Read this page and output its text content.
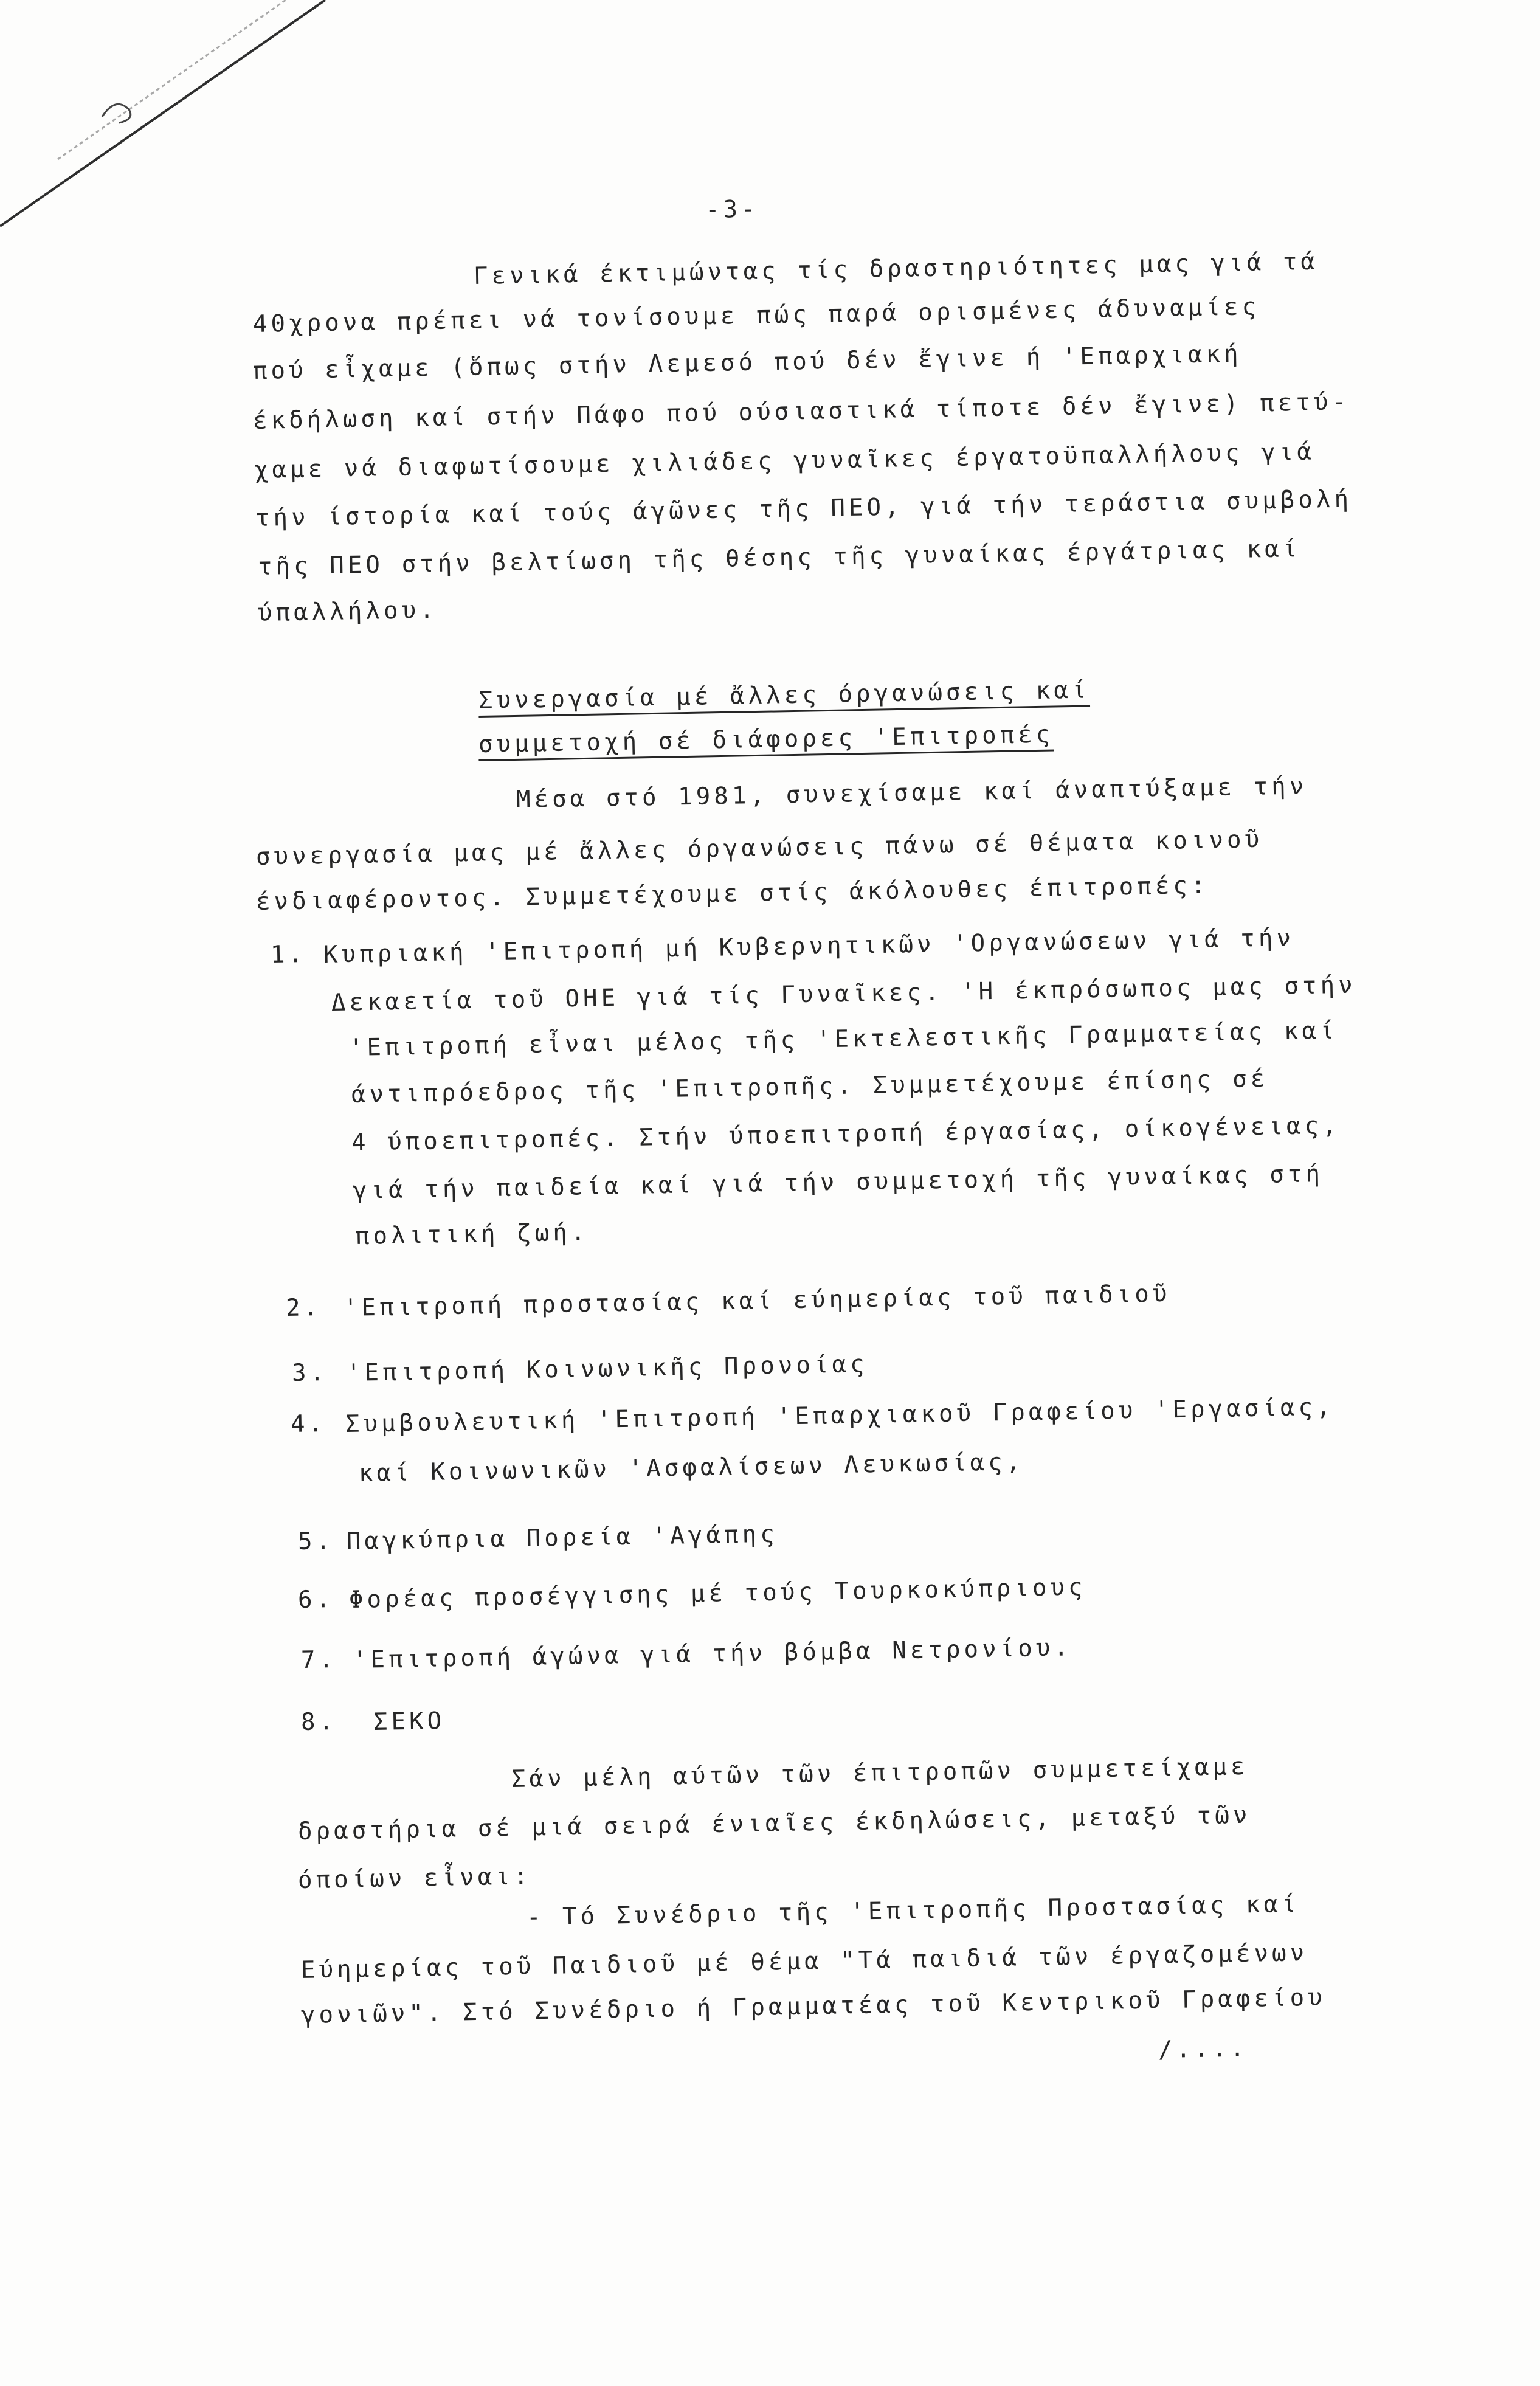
-3-
Γενικά έκτιμώντας τίς δραστηριότητες μας γιά τά
40χρονα πρέπει νά τονίσουμε πώς παρά ορισμένες άδυναμίες
πού εἶχαμε (ὅπως στήν Λεμεσό πού δέν ἔγινε ή 'Επαρχιακή
έκδήλωση καί στήν Πάφο πού ούσιαστικά τίποτε δέν ἔγινε) πετύ-
χαμε νά διαφωτίσουμε χιλιάδες γυναῖκες έργατοϋπαλλήλους γιά
τήν ίστορία καί τούς άγῶνες τῆς ΠΕΟ, γιά τήν τεράστια συμβολή
τῆς ΠΕΟ στήν βελτίωση τῆς θέσης τῆς γυναίκας έργάτριας καί
ύπαλλήλου.
Συνεργασία μέ ἄλλες όργανώσεις καί
συμμετοχή σέ διάφορες 'Επιτροπές
Μέσα στό 1981, συνεχίσαμε καί άναπτύξαμε τήν
συνεργασία μας μέ ἄλλες όργανώσεις πάνω σέ θέματα κοινοῦ
ένδιαφέροντος. Συμμετέχουμε στίς άκόλουθες έπιτροπές:
1. Κυπριακή 'Επιτροπή μή Κυβερνητικῶν 'Οργανώσεων γιά τήν
Δεκαετία τοῦ ΟΗΕ γιά τίς Γυναῖκες. 'Η έκπρόσωπος μας στήν
'Επιτροπή εἶναι μέλος τῆς 'Εκτελεστικῆς Γραμματείας καί
άντιπρόεδρος τῆς 'Επιτροπῆς. Συμμετέχουμε έπίσης σέ
4 ύποεπιτροπές. Στήν ύποεπιτροπή έργασίας, οίκογένειας,
γιά τήν παιδεία καί γιά τήν συμμετοχή τῆς γυναίκας στή
πολιτική ζωή.
2. 'Επιτροπή προστασίας καί εύημερίας τοῦ παιδιοῦ
3. 'Επιτροπή Κοινωνικῆς Προνοίας
4. Συμβουλευτική 'Επιτροπή 'Επαρχιακοῦ Γραφείου 'Εργασίας,
καί Κοινωνικῶν 'Ασφαλίσεων Λευκωσίας,
5. Παγκύπρια Πορεία 'Αγάπης
6. Φορέας προσέγγισης μέ τούς Τουρκοκύπριους
7. 'Επιτροπή άγώνα γιά τήν βόμβα Νετρονίου.
8. ΣΕΚΟ
Σάν μέλη αύτῶν τῶν έπιτροπῶν συμμετείχαμε
δραστήρια σέ μιά σειρά ένιαῖες έκδηλώσεις, μεταξύ τῶν
όποίων εἶναι:
- Τό Συνέδριο τῆς 'Επιτροπῆς Προστασίας καί
Εύημερίας τοῦ Παιδιοῦ μέ θέμα "Τά παιδιά τῶν έργαζομένων
γονιῶν". Στό Συνέδριο ή Γραμματέας τοῦ Κεντρικοῦ Γραφείου
/....
